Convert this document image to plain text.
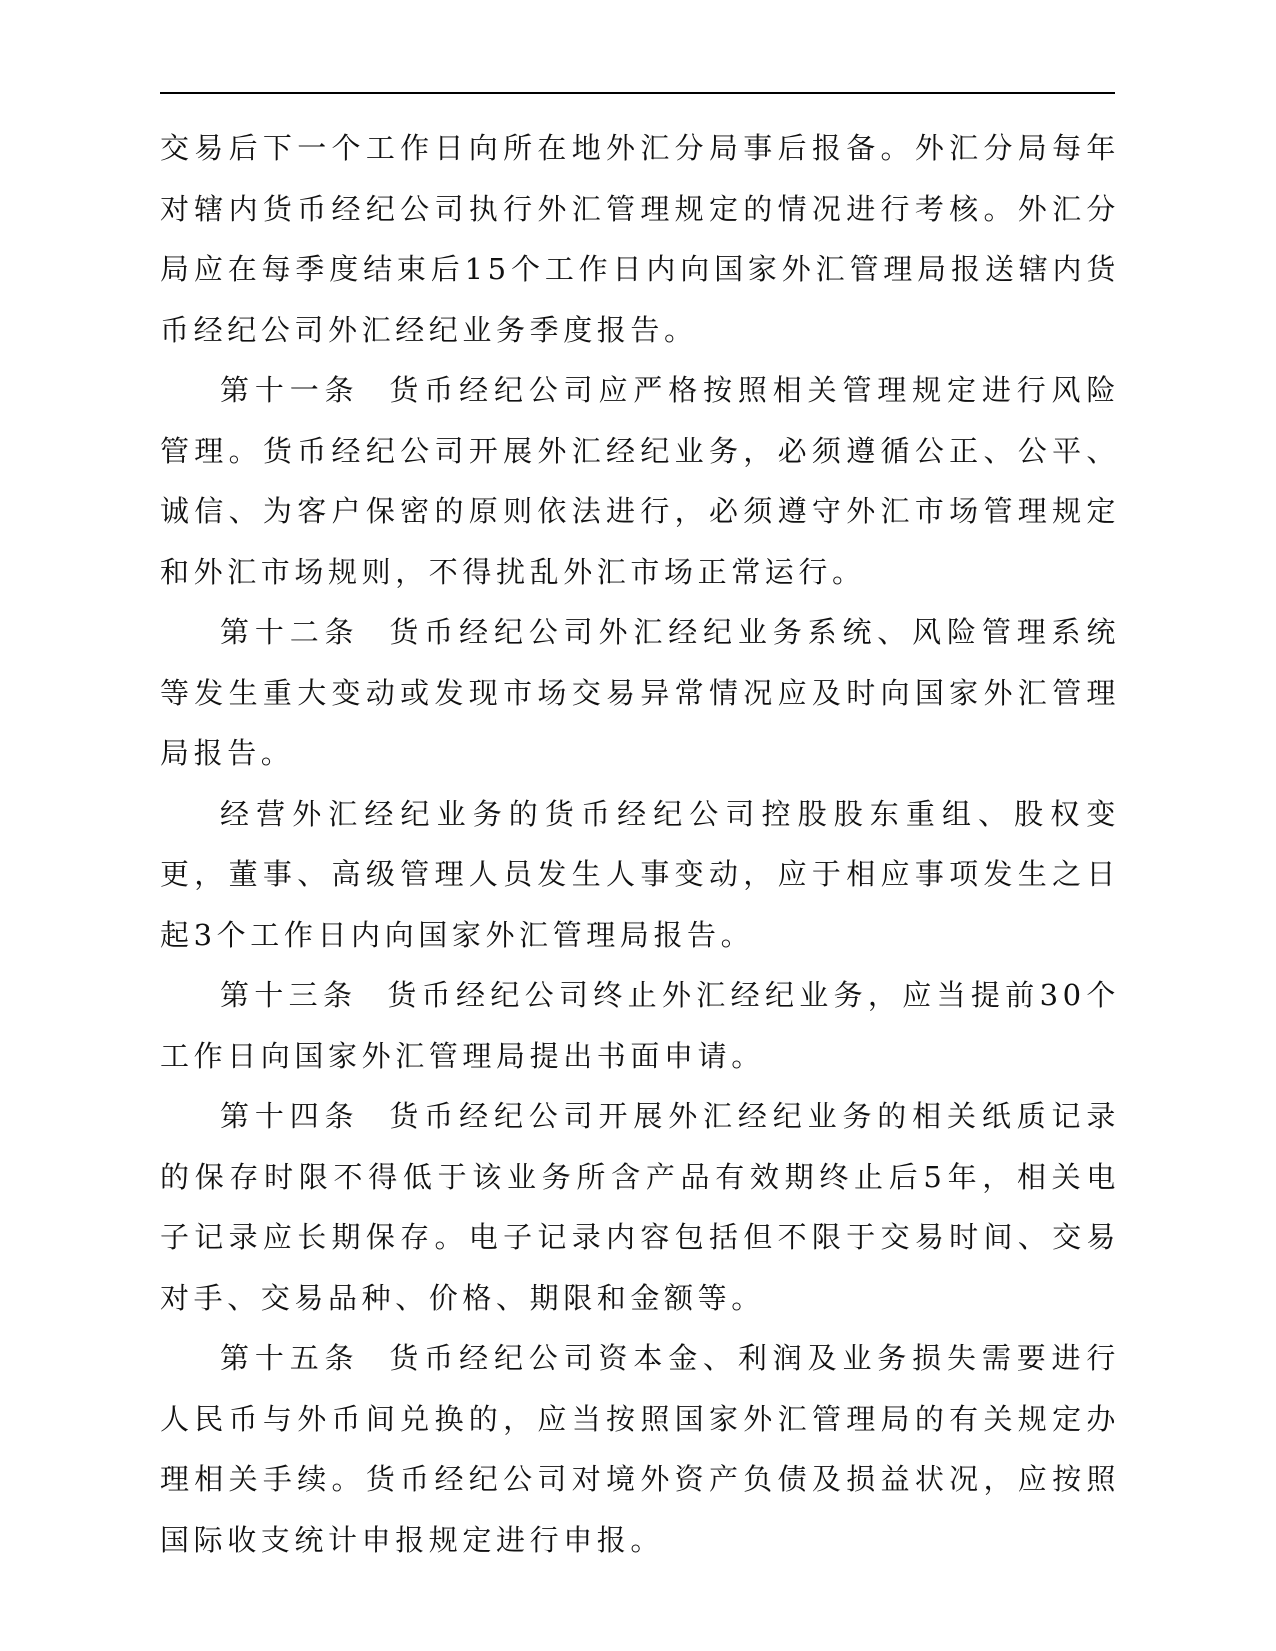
交易后下一个工作日向所在地外汇分局事后报备。外汇分局每年对辖内货币经纪公司执行外汇管理规定的情况进行考核。外汇分局应在每季度结束后15个工作日内向国家外汇管理局报送辖内货币经纪公司外汇经纪业务季度报告。

第十一条 货币经纪公司应严格按照相关管理规定进行风险管理。货币经纪公司开展外汇经纪业务，必须遵循公正、公平、诚信、为客户保密的原则依法进行，必须遵守外汇市场管理规定和外汇市场规则，不得扰乱外汇市场正常运行。

第十二条 货币经纪公司外汇经纪业务系统、风险管理系统等发生重大变动或发现市场交易异常情况应及时向国家外汇管理局报告。

经营外汇经纪业务的货币经纪公司控股股东重组、股权变更，董事、高级管理人员发生人事变动，应于相应事项发生之日起3个工作日内向国家外汇管理局报告。

第十三条 货币经纪公司终止外汇经纪业务，应当提前30个工作日向国家外汇管理局提出书面申请。

第十四条 货币经纪公司开展外汇经纪业务的相关纸质记录的保存时限不得低于该业务所含产品有效期终止后5年，相关电子记录应长期保存。电子记录内容包括但不限于交易时间、交易对手、交易品种、价格、期限和金额等。

第十五条 货币经纪公司资本金、利润及业务损失需要进行人民币与外币间兑换的，应当按照国家外汇管理局的有关规定办理相关手续。货币经纪公司对境外资产负债及损益状况，应按照国际收支统计申报规定进行申报。
